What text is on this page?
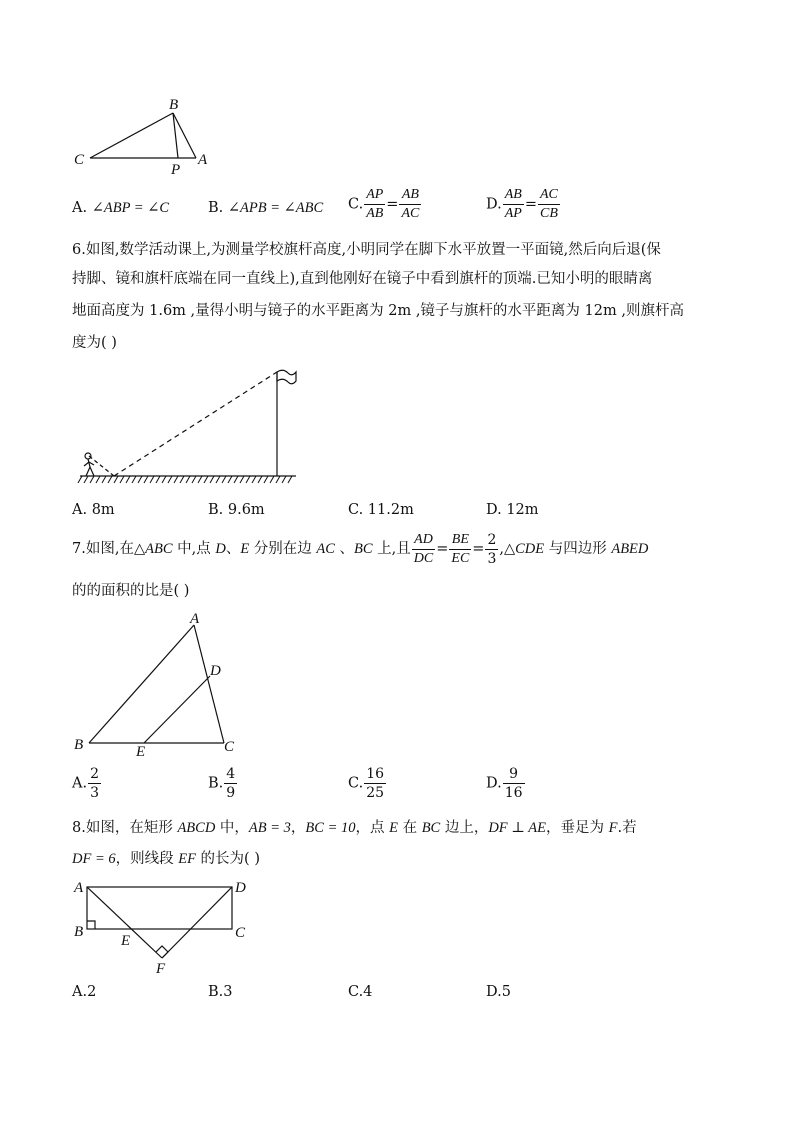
B
C
P
A
A. ∠ABP = ∠C	B. ∠APB = ∠ABC C. $\frac{AP}{AB} = \frac{AB}{AC}$	D. $\frac{AB}{AP} = \frac{AC}{CB}$
6.如图,数学活动课上,为测量学校旗杆高度,小明同学在脚下水平放置一平面镜,然后向后退(保
持脚、镜和旗杆底端在同一直线上),直到他刚好在镜子中看到旗杆的顶端.已知小明的眼睛离
地面高度为 1.6m ,量得小明与镜子的水平距离为 2m ,镜子与旗杆的水平距离为 12m ,则旗杆高
度为( )
A. 8m	B. 9.6m	C. 11.2m	D. 12m
7.如图,在△ABC 中,点 D、E 分别在边 AC 、BC 上,且 $\frac{AD}{DC} = \frac{BE}{EC} = \frac{2}{3}$ ,△CDE 与四边形 ABED
的的面积的比是( )
A
D
B	E	C
A. $\frac{2}{3}$	B. $\frac{4}{9}$	C. $\frac{16}{25}$	D. $\frac{9}{16}$
8.如图，在矩形 ABCD 中，AB = 3，BC = 10，点 E 在 BC 边上，DF ⊥ AE，垂足为 F.若
DF = 6，则线段 EF 的长为( )
A	D
B	C
E
F
A.2	B.3	C.4	D.5
